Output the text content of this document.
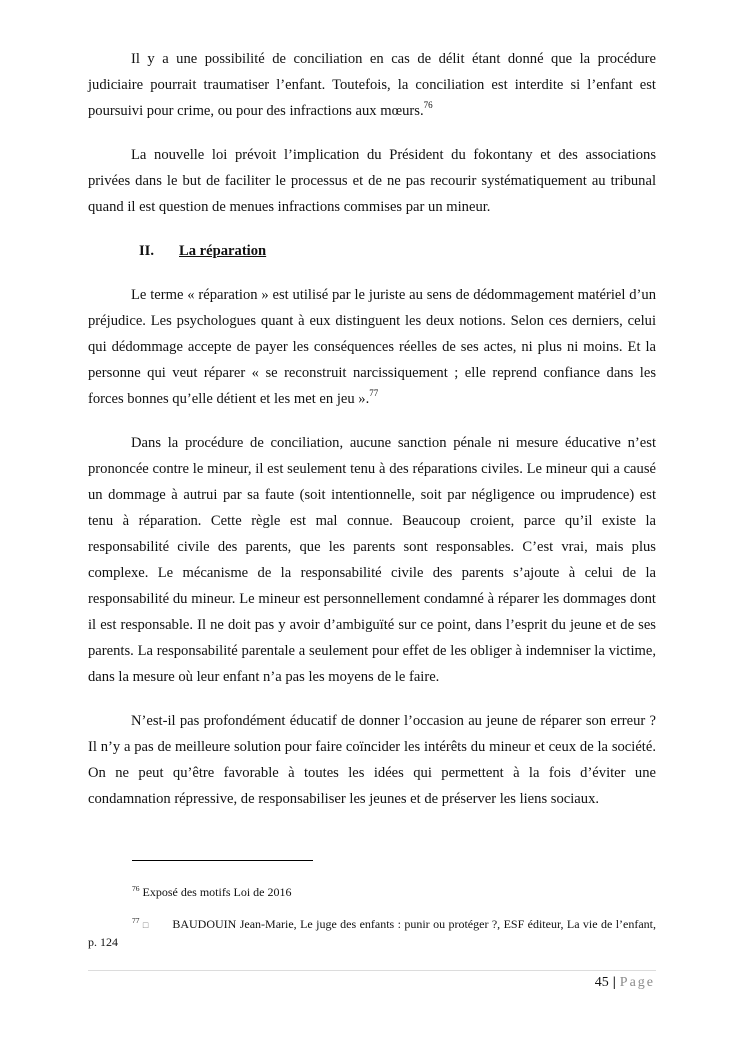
Il y a une possibilité de conciliation en cas de délit étant donné que la procédure judiciaire pourrait traumatiser l’enfant. Toutefois, la conciliation est interdite si l’enfant est poursuivi pour crime, ou pour des infractions aux mœurs.$^{76}$

La nouvelle loi prévoit l’implication du Président du fokontany et des associations privées dans le but de faciliter le processus et de ne pas recourir systématiquement au tribunal quand il est question de menues infractions commises par un mineur.

II. La réparation

Le terme « réparation » est utilisé par le juriste au sens de dédommagement matériel d’un préjudice. Les psychologues quant à eux distinguent les deux notions. Selon ces derniers, celui qui dédommage accepte de payer les conséquences réelles de ses actes, ni plus ni moins. Et la personne qui veut réparer « se reconstruit narcissiquement ; elle reprend confiance dans les forces bonnes qu’elle détient et les met en jeu ».$^{77}$

Dans la procédure de conciliation, aucune sanction pénale ni mesure éducative n’est prononcée contre le mineur, il est seulement tenu à des réparations civiles. Le mineur qui a causé un dommage à autrui par sa faute (soit intentionnelle, soit par négligence ou imprudence) est tenu à réparation. Cette règle est mal connue. Beaucoup croient, parce qu’il existe la responsabilité civile des parents, que les parents sont responsables. C’est vrai, mais plus complexe. Le mécanisme de la responsabilité civile des parents s’ajoute à celui de la responsabilité du mineur. Le mineur est personnellement condamné à réparer les dommages dont il est responsable. Il ne doit pas y avoir d’ambiguïté sur ce point, dans l’esprit du jeune et de ses parents. La responsabilité parentale a seulement pour effet de les obliger à indemniser la victime, dans la mesure où leur enfant n’a pas les moyens de le faire.

N’est-il pas profondément éducatif de donner l’occasion au jeune de réparer son erreur ? Il n’y a pas de meilleure solution pour faire coïncider les intérêts du mineur et ceux de la société. On ne peut qu’être favorable à toutes les idées qui permettent à la fois d’éviter une condamnation répressive, de responsabiliser les jeunes et de préserver les liens sociaux.

$^{76}$ Exposé des motifs Loi de 2016
$^{77}$ □ BAUDOUIN Jean-Marie, Le juge des enfants : punir ou protéger ?, ESF éditeur, La vie de l’enfant, p. 124
45 | Page
